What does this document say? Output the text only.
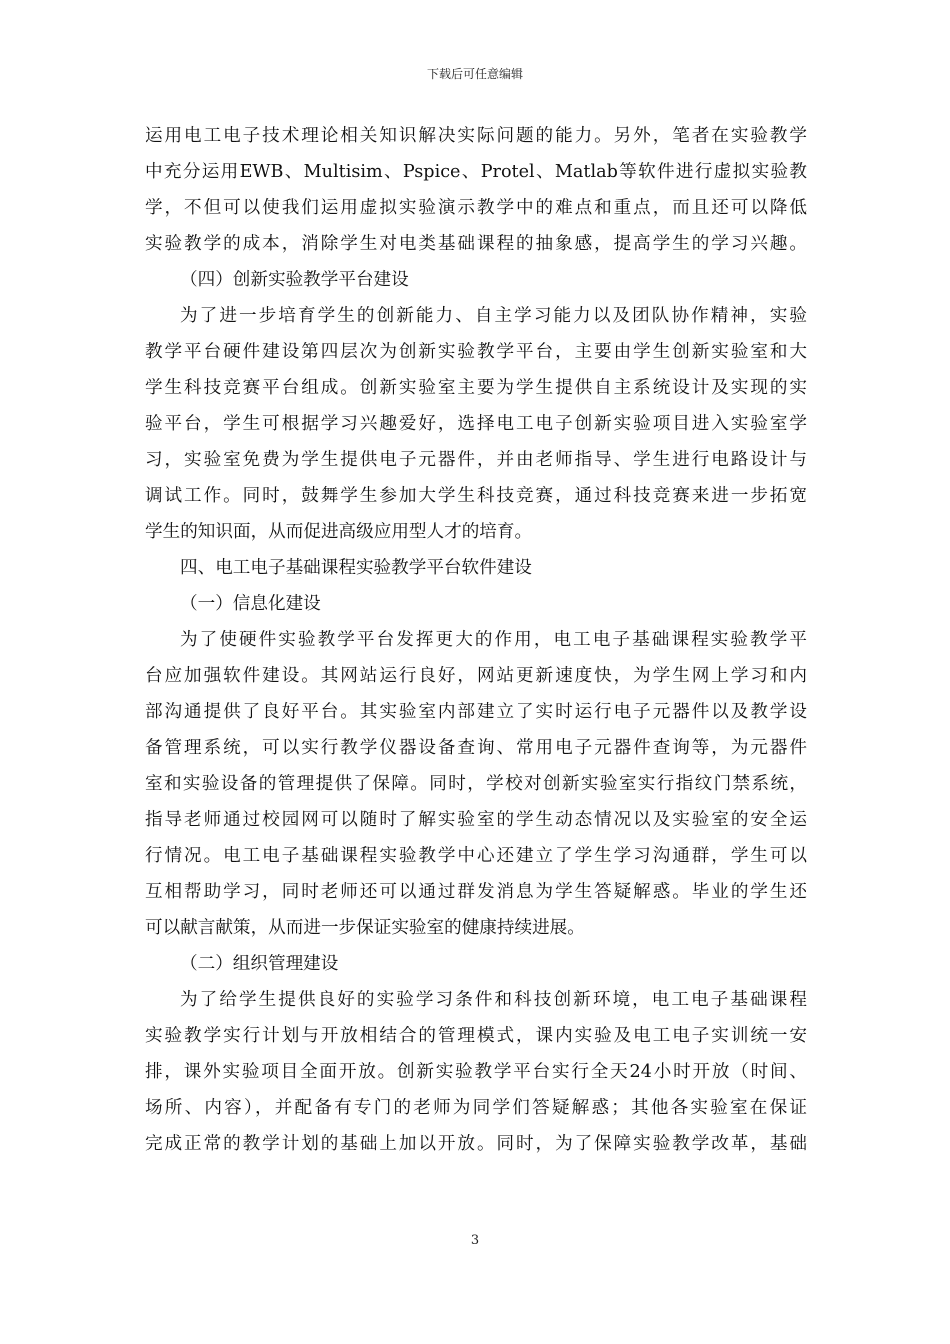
下载后可任意编辑
运用电工电子技术理论相关知识解决实际问题的能力。另外，笔者在实验教学
中充分运用EWB、Multisim、Pspice、Protel、Matlab等软件进行虚拟实验教
学，不但可以使我们运用虚拟实验演示教学中的难点和重点，而且还可以降低
实验教学的成本，消除学生对电类基础课程的抽象感，提高学生的学习兴趣。
（四）创新实验教学平台建设
为了进一步培育学生的创新能力、自主学习能力以及团队协作精神，实验
教学平台硬件建设第四层次为创新实验教学平台，主要由学生创新实验室和大
学生科技竞赛平台组成。创新实验室主要为学生提供自主系统设计及实现的实
验平台，学生可根据学习兴趣爱好，选择电工电子创新实验项目进入实验室学
习，实验室免费为学生提供电子元器件，并由老师指导、学生进行电路设计与
调试工作。同时，鼓舞学生参加大学生科技竞赛，通过科技竞赛来进一步拓宽
学生的知识面，从而促进高级应用型人才的培育。
四、电工电子基础课程实验教学平台软件建设
（一）信息化建设
为了使硬件实验教学平台发挥更大的作用，电工电子基础课程实验教学平
台应加强软件建设。其网站运行良好，网站更新速度快，为学生网上学习和内
部沟通提供了良好平台。其实验室内部建立了实时运行电子元器件以及教学设
备管理系统，可以实行教学仪器设备查询、常用电子元器件查询等，为元器件
室和实验设备的管理提供了保障。同时，学校对创新实验室实行指纹门禁系统，
指导老师通过校园网可以随时了解实验室的学生动态情况以及实验室的安全运
行情况。电工电子基础课程实验教学中心还建立了学生学习沟通群，学生可以
互相帮助学习，同时老师还可以通过群发消息为学生答疑解惑。毕业的学生还
可以献言献策，从而进一步保证实验室的健康持续进展。
（二）组织管理建设
为了给学生提供良好的实验学习条件和科技创新环境，电工电子基础课程
实验教学实行计划与开放相结合的管理模式，课内实验及电工电子实训统一安
排，课外实验项目全面开放。创新实验教学平台实行全天24小时开放（时间、
场所、内容），并配备有专门的老师为同学们答疑解惑；其他各实验室在保证
完成正常的教学计划的基础上加以开放。同时，为了保障实验教学改革，基础
3
